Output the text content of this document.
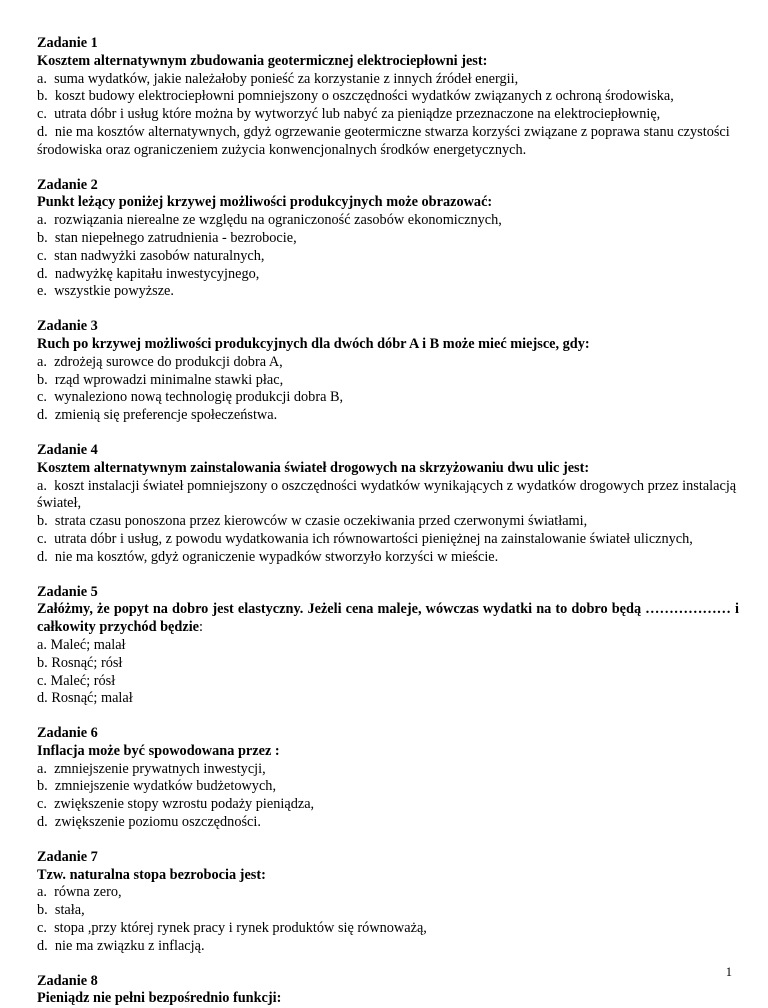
Zadanie 1

Kosztem alternatywnym zbudowania geotermicznej elektrociepłowni jest:

a. suma wydatków, jakie należałoby ponieść za korzystanie z innych źródeł energii,
b. koszt budowy elektrociepłowni pomniejszony o oszczędności wydatków związanych z ochroną środowiska,
c. utrata dóbr i usług które można by wytworzyć lub nabyć za pieniądze przeznaczone na elektrociepłownię,
d. nie ma kosztów alternatywnych, gdyż ogrzewanie geotermiczne stwarza korzyści związane z poprawa stanu czystości środowiska oraz ograniczeniem zużycia konwencjonalnych środków energetycznych.

Zadanie 2

Punkt leżący poniżej krzywej możliwości produkcyjnych może obrazować:

a. rozwiązania nierealne ze względu na ograniczoność zasobów ekonomicznych,
b. stan niepełnego zatrudnienia - bezrobocie,
c. stan nadwyżki zasobów naturalnych,
d. nadwyżkę kapitału inwestycyjnego,
e. wszystkie powyższe.

Zadanie 3

Ruch po krzywej możliwości produkcyjnych dla dwóch dóbr A i B może mieć miejsce, gdy:

a. zdrożeją surowce do produkcji dobra A,
b. rząd wprowadzi minimalne stawki płac,
c. wynaleziono nową technologię produkcji dobra B,
d. zmienią się preferencje społeczeństwa.

Zadanie 4

Kosztem alternatywnym zainstalowania świateł drogowych na skrzyżowaniu dwu ulic jest:

a. koszt instalacji świateł pomniejszony o oszczędności wydatków wynikających z wydatków drogowych przez instalacją świateł,
b. strata czasu ponoszona przez kierowców w czasie oczekiwania przed czerwonymi światłami,
c. utrata dóbr i usług, z powodu wydatkowania ich równowartości pieniężnej na zainstalowanie świateł ulicznych,
d. nie ma kosztów, gdyż ograniczenie wypadków stworzyło korzyści w mieście.

Zadanie 5

Załóżmy, że popyt na dobro jest elastyczny. Jeżeli cena maleje, wówczas wydatki na to dobro będą ……………… i całkowity przychód będzie:

a. Maleć; malał
b. Rosnąć; rósł
c. Maleć; rósł
d. Rosnąć; malał

Zadanie 6

Inflacja może być spowodowana przez :

a. zmniejszenie prywatnych inwestycji,
b. zmniejszenie wydatków budżetowych,
c. zwiększenie stopy wzrostu podaży pieniądza,
d. zwiększenie poziomu oszczędności.

Zadanie 7

Tzw. naturalna stopa bezrobocia jest:

a. równa zero,
b. stała,
c. stopa ,przy której rynek pracy i rynek produktów się równoważą,
d. nie ma związku z inflacją.

Zadanie 8

Pieniądz nie pełni bezpośrednio funkcji:

1
